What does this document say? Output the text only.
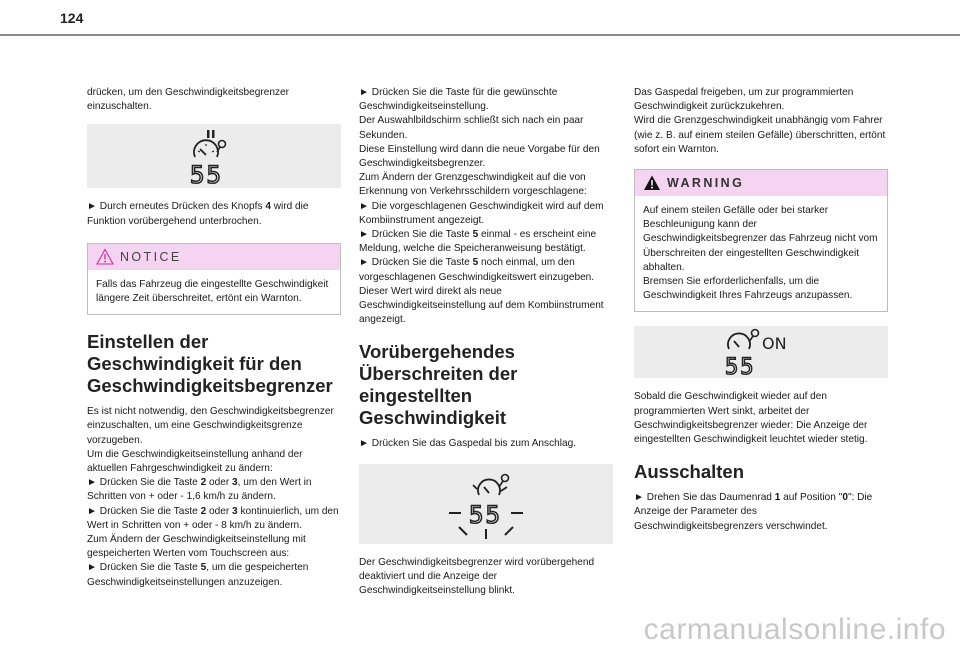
124
drücken, um den Geschwindigkeitsbegrenzer einzuschalten.
55
► Durch erneutes Drücken des Knopfs 4 wird die Funktion vorübergehend unterbrochen.
NOTICE
Falls das Fahrzeug die eingestellte Geschwindigkeit längere Zeit überschreitet, ertönt ein Warnton.
Einstellen der Geschwindigkeit für den Geschwindigkeitsbegrenzer
Es ist nicht notwendig, den Geschwindigkeitsbegrenzer einzuschalten, um eine Geschwindigkeitsgrenze vorzugeben.
Um die Geschwindigkeitseinstellung anhand der aktuellen Fahrgeschwindigkeit zu ändern:
► Drücken Sie die Taste 2 oder 3, um den Wert in Schritten von + oder - 1,6 km/h zu ändern.
► Drücken Sie die Taste 2 oder 3 kontinuierlich, um den Wert in Schritten von + oder - 8 km/h zu ändern.
Zum Ändern der Geschwindigkeitseinstellung mit gespeicherten Werten vom Touchscreen aus:
► Drücken Sie die Taste 5, um die gespeicherten Geschwindigkeitseinstellungen anzuzeigen.
► Drücken Sie die Taste für die gewünschte Geschwindigkeitseinstellung.
Der Auswahlbildschirm schließt sich nach ein paar Sekunden.
Diese Einstellung wird dann die neue Vorgabe für den Geschwindigkeitsbegrenzer.
Zum Ändern der Grenzgeschwindigkeit auf die von Erkennung von Verkehrsschildern vorgeschlagene:
► Die vorgeschlagenen Geschwindigkeit wird auf dem Kombiinstrument angezeigt.
► Drücken Sie die Taste 5 einmal - es erscheint eine Meldung, welche die Speicheranweisung bestätigt.
► Drücken Sie die Taste 5 noch einmal, um den vorgeschlagenen Geschwindigkeitswert einzugeben.
Dieser Wert wird direkt als neue Geschwindigkeitseinstellung auf dem Kombiinstrument angezeigt.
Vorübergehendes Überschreiten der eingestellten Geschwindigkeit
► Drücken Sie das Gaspedal bis zum Anschlag.
55
Der Geschwindigkeitsbegrenzer wird vorübergehend deaktiviert und die Anzeige der Geschwindigkeitseinstellung blinkt.
Das Gaspedal freigeben, um zur programmierten Geschwindigkeit zurückzukehren.
Wird die Grenzgeschwindigkeit unabhängig vom Fahrer (wie z. B. auf einem steilen Gefälle) überschritten, ertönt sofort ein Warnton.
WARNING
Auf einem steilen Gefälle oder bei starker Beschleunigung kann der Geschwindigkeitsbegrenzer das Fahrzeug nicht vom Überschreiten der eingestellten Geschwindigkeit abhalten.
Bremsen Sie erforderlichenfalls, um die Geschwindigkeit Ihres Fahrzeugs anzupassen.
ON
55
Sobald die Geschwindigkeit wieder auf den programmierten Wert sinkt, arbeitet der Geschwindigkeitsbegrenzer wieder: Die Anzeige der eingestellten Geschwindigkeit leuchtet wieder stetig.
Ausschalten
► Drehen Sie das Daumenrad 1 auf Position "0": Die Anzeige der Parameter des Geschwindigkeitsbegrenzers verschwindet.
carmanualsonline.info
